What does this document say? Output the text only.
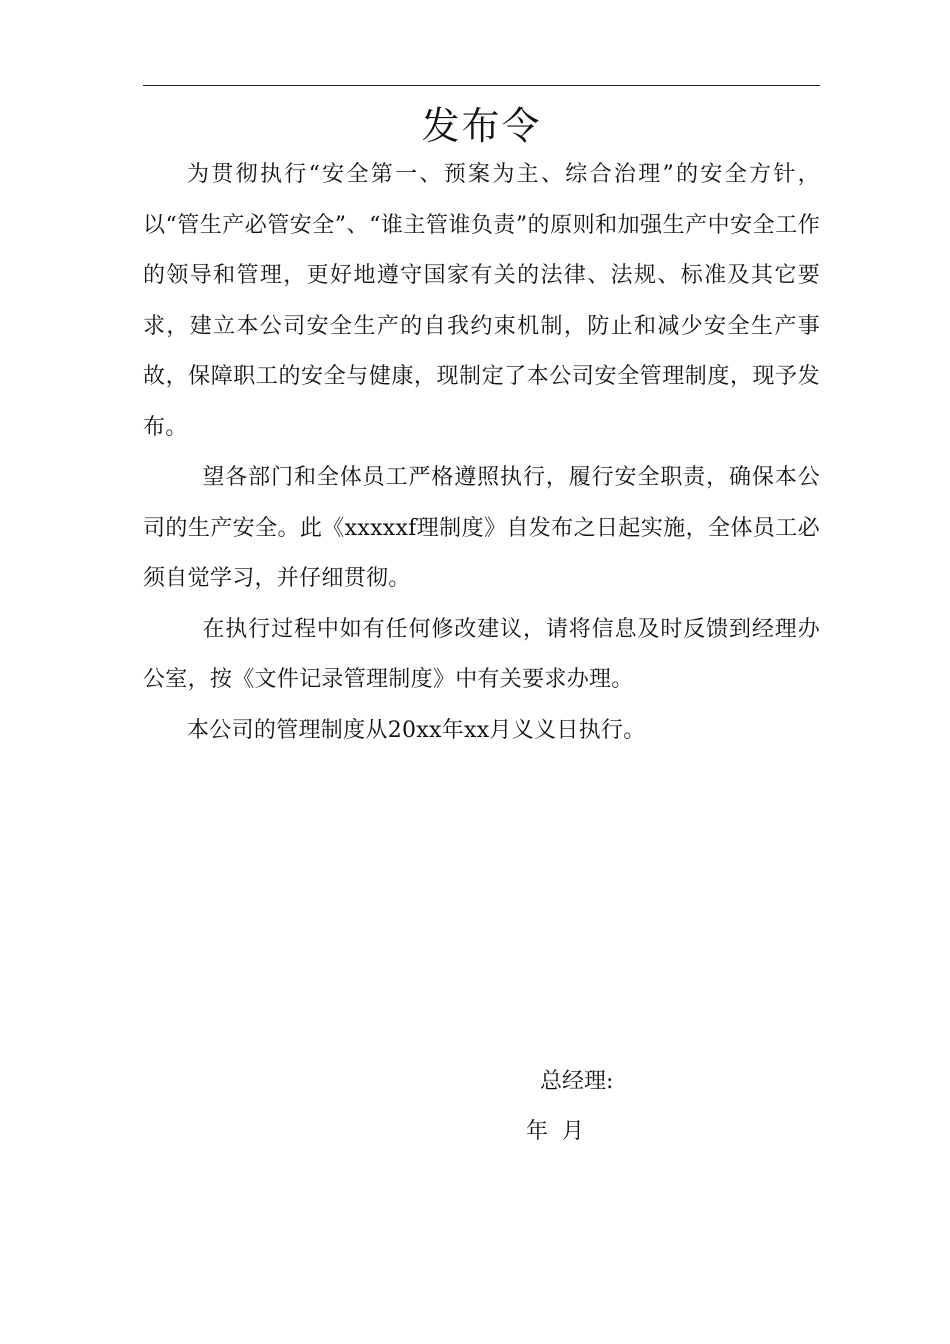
发布令

为贯彻执行“安全第一、预案为主、综合治理”的安全方针，以“管生产必管安全”、“谁主管谁负责”的原则和加强生产中安全工作的领导和管理，更好地遵守国家有关的法律、法规、标准及其它要求，建立本公司安全生产的自我约束机制，防止和减少安全生产事故，保障职工的安全与健康，现制定了本公司安全管理制度，现予发布。

望各部门和全体员工严格遵照执行，履行安全职责，确保本公司的生产安全。此《xxxxxf理制度》自发布之日起实施，全体员工必须自觉学习，并仔细贯彻。

在执行过程中如有任何修改建议，请将信息及时反馈到经理办公室，按《文件记录管理制度》中有关要求办理。

本公司的管理制度从20xx年xx月义义日执行。

总经理:
年  月
